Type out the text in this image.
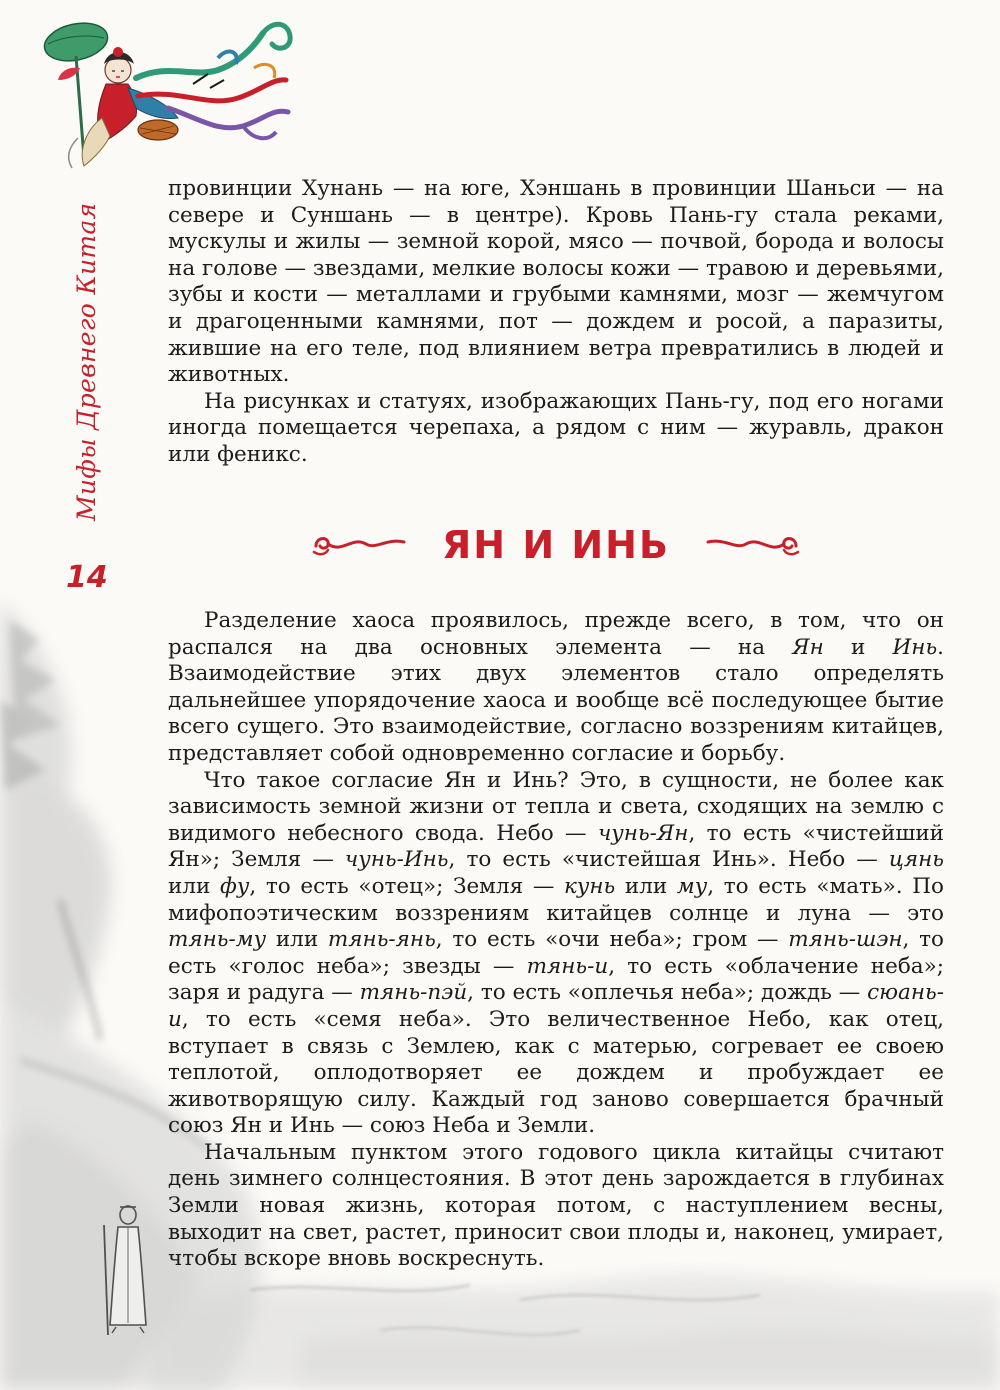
Мифы Древнего Китая
14

провинции Хунань — на юге, Хэншань в провинции Шаньси — на севере и Суншань — в центре). Кровь Пань-гу стала реками, мускулы и жилы — земной корой, мясо — почвой, борода и волосы на голове — звездами, мелкие волосы кожи — травою и деревьями, зубы и кости — металлами и грубыми камнями, мозг — жемчугом и драгоценными камнями, пот — дождем и росой, а паразиты, жившие на его теле, под влиянием ветра превратились в людей и животных.

На рисунках и статуях, изображающих Пань-гу, под его ногами иногда помещается черепаха, а рядом с ним — журавль, дракон или феникс.

ЯН И ИНЬ

Разделение хаоса проявилось, прежде всего, в том, что он распался на два основных элемента — на Ян и Инь. Взаимодействие этих двух элементов стало определять дальнейшее упорядочение хаоса и вообще всё последующее бытие всего сущего. Это взаимодействие, согласно воззрениям китайцев, представляет собой одновременно согласие и борьбу.

Что такое согласие Ян и Инь? Это, в сущности, не более как зависимость земной жизни от тепла и света, сходящих на землю с видимого небесного свода. Небо — чунь-Ян, то есть «чистейший Ян»; Земля — чунь-Инь, то есть «чистейшая Инь». Небо — цянь или фу, то есть «отец»; Земля — кунь или му, то есть «мать». По мифопоэтическим воззрениям китайцев солнце и луна — это тянь-му или тянь-янь, то есть «очи неба»; гром — тянь-шэн, то есть «голос неба»; звезды — тянь-и, то есть «облачение неба»; заря и радуга — тянь-пэй, то есть «оплечья неба»; дождь — сюань-и, то есть «семя неба». Это величественное Небо, как отец, вступает в связь с Землею, как с матерью, согревает ее своею теплотой, оплодотворяет ее дождем и пробуждает ее животворящую силу. Каждый год заново совершается брачный союз Ян и Инь — союз Неба и Земли.

Начальным пунктом этого годового цикла китайцы считают день зимнего солнцестояния. В этот день зарождается в глубинах Земли новая жизнь, которая потом, с наступлением весны, выходит на свет, растет, приносит свои плоды и, наконец, умирает, чтобы вскоре вновь воскреснуть.
